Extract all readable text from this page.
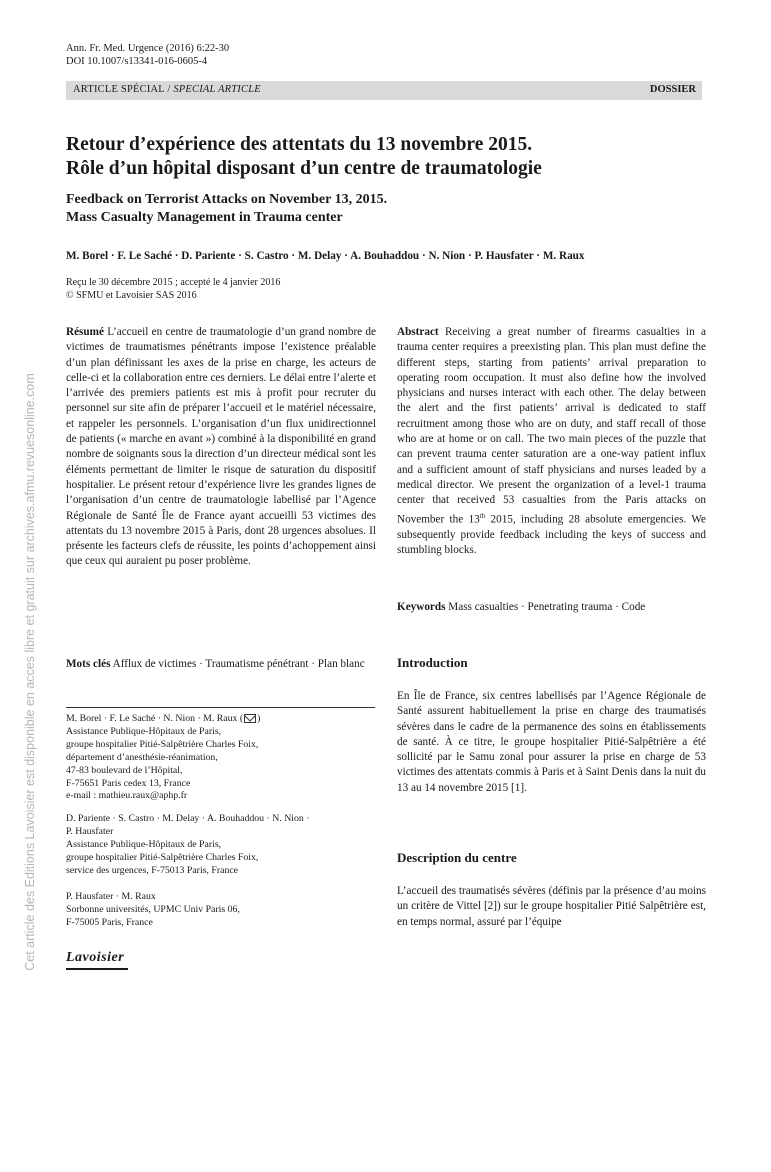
Ann. Fr. Med. Urgence (2016) 6:22-30
DOI 10.1007/s13341-016-0605-4
ARTICLE SPÉCIAL / SPECIAL ARTICLE	DOSSIER
Retour d’expérience des attentats du 13 novembre 2015.
Rôle d’un hôpital disposant d’un centre de traumatologie
Feedback on Terrorist Attacks on November 13, 2015.
Mass Casualty Management in Trauma center
M. Borel · F. Le Saché · D. Pariente · S. Castro · M. Delay · A. Bouhaddou · N. Nion · P. Hausfater · M. Raux
Reçu le 30 décembre 2015 ; accepté le 4 janvier 2016
© SFMU et Lavoisier SAS 2016

Résumé L’accueil en centre de traumatologie d’un grand nombre de victimes de traumatismes pénétrants impose l’existence préalable d’un plan définissant les axes de la prise en charge, les acteurs de celle-ci et la collaboration entre ces derniers. Le délai entre l’alerte et l’arrivée des premiers patients est mis à profit pour recruter du personnel sur site afin de préparer l’accueil et le matériel nécessaire, et rappeler les personnels. L’organisation d’un flux unidirectionnel de patients (« marche en avant ») combiné à la disponibilité en grand nombre de soignants sous la direction d’un directeur médical sont les éléments permettant de limiter le risque de saturation du dispositif hospitalier. Le présent retour d’expérience livre les grandes lignes de l’organisation d’un centre de traumatologie labellisé par l’Agence Régionale de Santé Île de France ayant accueilli 53 victimes des attentats du 13 novembre 2015 à Paris, dont 28 urgences absolues. Il présente les facteurs clefs de réussite, les points d’achoppement ainsi que ceux qui auraient pu poser problème.

Mots clés Afflux de victimes · Traumatisme pénétrant · Plan blanc

M. Borel · F. Le Saché · N. Nion · M. Raux ( )
Assistance Publique-Hôpitaux de Paris,
groupe hospitalier Pitié-Salpêtrière Charles Foix,
département d’anesthésie-réanimation,
47-83 boulevard de l’Hôpital,
F-75651 Paris cedex 13, France
e-mail : mathieu.raux@aphp.fr
D. Pariente · S. Castro · M. Delay · A. Bouhaddou · N. Nion ·
P. Hausfater
Assistance Publique-Hôpitaux de Paris,
groupe hospitalier Pitié-Salpêtrière Charles Foix,
service des urgences, F-75013 Paris, France
P. Hausfater · M. Raux
Sorbonne universités, UPMC Univ Paris 06,
F-75005 Paris, France
Lavoisier

Abstract Receiving a great number of firearms casualties in a trauma center requires a preexisting plan. This plan must define the different steps, starting from patients’ arrival preparation to operating room occupation. It must also define how the involved physicians and nurses interact with each other. The delay between the alert and the first patients’ arrival is dedicated to staff recruitment among those who are on duty, and staff recall of those who are at home or on call. The two main pieces of the puzzle that can prevent trauma center saturation are a one-way patient influx and a sufficient amount of staff physicians and nurses leaded by a medical director. We present the organization of a level-1 trauma center that received 53 casualties from the Paris attacks on November the 13th 2015, including 28 absolute emergencies. We subsequently provide feedback including the keys of success and stumbling blocks.

Keywords Mass casualties · Penetrating trauma · Code

Introduction

En Île de France, six centres labellisés par l’Agence Régionale de Santé assurent habituellement la prise en charge des traumatisés sévères dans le cadre de la permanence des soins en établissements de santé. À ce titre, le groupe hospitalier Pitié-Salpêtrière a été sollicité par le Samu zonal pour assurer la prise en charge de 53 victimes des attentats commis à Paris et à Saint Denis dans la nuit du 13 au 14 novembre 2015 [1].

Description du centre

L’accueil des traumatisés sévères (définis par la présence d’au moins un critère de Vittel [2]) sur le groupe hospitalier Pitié Salpêtrière est, en temps normal, assuré par l’équipe

Cet article des Editions Lavoisier est disponible en acces libre et gratuit sur archives.afmu.revuesonline.com
